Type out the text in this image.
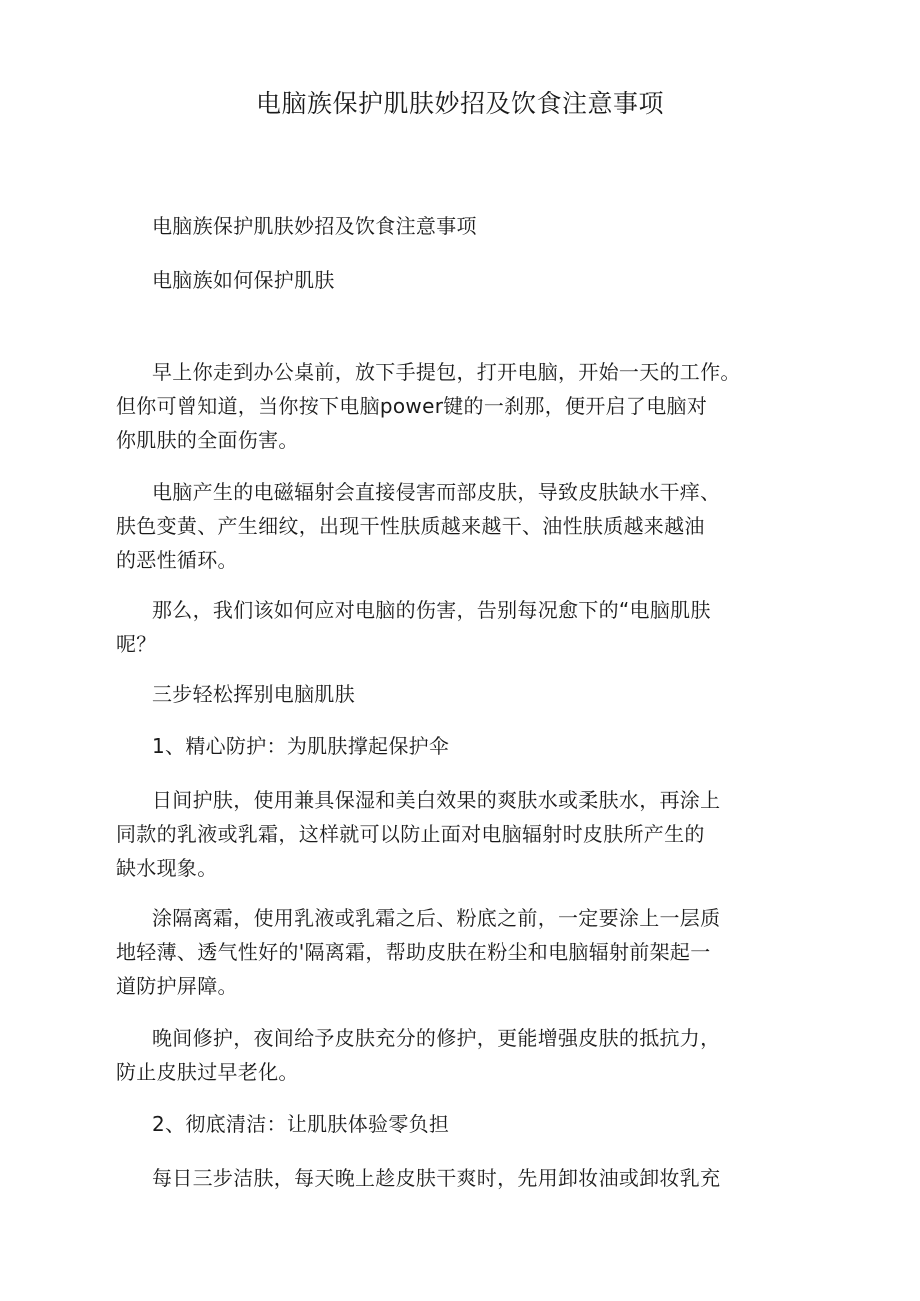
电脑族保护肌肤妙招及饮食注意事项
电脑族保护肌肤妙招及饮食注意事项
电脑族如何保护肌肤
早上你走到办公桌前，放下手提包，打开电脑，开始一天的工作。
但你可曾知道，当你按下电脑power键的一刹那，便开启了电脑对
你肌肤的全面伤害。
电脑产生的电磁辐射会直接侵害而部皮肤，导致皮肤缺水干痒、
肤色变黄、产生细纹，出现干性肤质越来越干、油性肤质越来越油
的恶性循环。
那么，我们该如何应对电脑的伤害，告别每况愈下的“电脑肌肤
呢？
三步轻松挥别电脑肌肤
1、精心防护：为肌肤撑起保护伞
日间护肤，使用兼具保湿和美白效果的爽肤水或柔肤水，再涂上
同款的乳液或乳霜，这样就可以防止面对电脑辐射时皮肤所产生的
缺水现象。
涂隔离霜，使用乳液或乳霜之后、粉底之前，一定要涂上一层质
地轻薄、透气性好的'隔离霜，帮助皮肤在粉尘和电脑辐射前架起一
道防护屏障。
晚间修护，夜间给予皮肤充分的修护，更能增强皮肤的抵抗力，
防止皮肤过早老化。
2、彻底清洁：让肌肤体验零负担
每日三步洁肤，每天晚上趁皮肤干爽时，先用卸妆油或卸妆乳充
